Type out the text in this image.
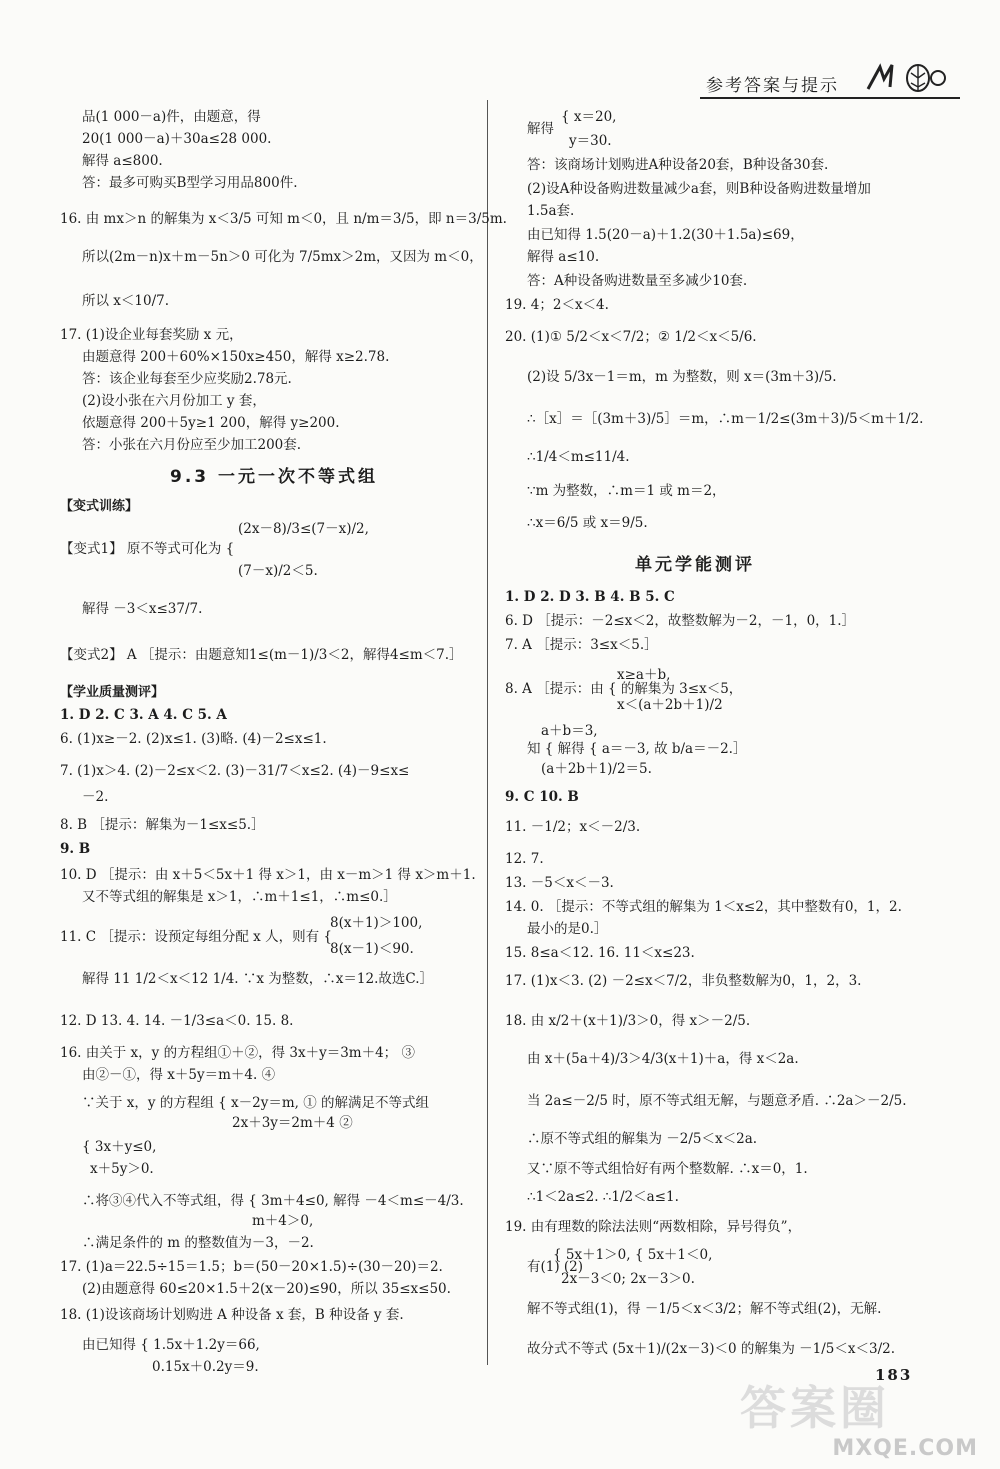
参考答案与提示
品(1 000－a)件，由题意，得
20(1 000－a)＋30a≤28 000.
解得 a≤800.
答：最多可购买B型学习用品800件.
16. 由 mx＞n 的解集为 x＜3/5 可知 m＜0，且 n/m＝3/5，即 n＝3/5m.
所以(2m－n)x＋m－5n＞0 可化为 7/5mx＞2m，又因为 m＜0，
所以 x＜10/7.
17. (1)设企业每套奖励 x 元，
由题意得 200＋60%×150x≥450，解得 x≥2.78.
答：该企业每套至少应奖励2.78元.
(2)设小张在六月份加工 y 套，
依题意得 200＋5y≥1 200，解得 y≥200.
答：小张在六月份应至少加工200套.
9.3 一元一次不等式组
【变式训练】
(2x－8)/3≤(7－x)/2,
【变式1】 原不等式可化为 {
(7－x)/2＜5.
解得 －3＜x≤37/7.
【变式2】 A ［提示：由题意知1≤(m－1)/3＜2，解得4≤m＜7.］
【学业质量测评】
1. D 2. C 3. A 4. C 5. A
6. (1)x≥－2. (2)x≤1. (3)略. (4)－2≤x≤1.
7. (1)x＞4. (2)－2≤x＜2. (3)－31/7＜x≤2. (4)－9≤x≤
－2.
8. B ［提示：解集为－1≤x≤5.］
9. B
10. D ［提示：由 x＋5＜5x＋1 得 x＞1，由 x－m＞1 得 x＞m＋1.
又不等式组的解集是 x＞1，∴m＋1≤1，∴m≤0.］
8(x＋1)＞100,
11. C ［提示：设预定每组分配 x 人，则有 {
8(x－1)＜90.
解得 11 1/2＜x＜12 1/4. ∵x 为整数，∴x＝12.故选C.］
12. D 13. 4. 14. －1/3≤a＜0. 15. 8.
16. 由关于 x，y 的方程组①＋②，得 3x＋y＝3m＋4； ③
由②－①，得 x＋5y＝m＋4. ④
∵关于 x，y 的方程组 { x－2y＝m, ① 的解满足不等式组
2x＋3y＝2m＋4 ②
{ 3x＋y≤0,
x＋5y＞0.
∴将③④代入不等式组，得 { 3m＋4≤0, 解得 －4＜m≤－4/3.
m＋4＞0,
∴满足条件的 m 的整数值为－3，－2.
17. (1)a＝22.5÷15＝1.5；b＝(50－20×1.5)÷(30－20)＝2.
(2)由题意得 60≤20×1.5＋2(x－20)≤90，所以 35≤x≤50.
18. (1)设该商场计划购进 A 种设备 x 套，B 种设备 y 套.
由已知得 { 1.5x＋1.2y＝66,
0.15x＋0.2y＝9.
{ x＝20,
解得
y＝30.
答：该商场计划购进A种设备20套，B种设备30套.
(2)设A种设备购进数量减少a套，则B种设备购进数量增加
1.5a套.
由已知得 1.5(20－a)＋1.2(30＋1.5a)≤69，
解得 a≤10.
答：A种设备购进数量至多减少10套.
19. 4；2＜x＜4.
20. (1)① 5/2＜x＜7/2；② 1/2＜x＜5/6.
(2)设 5/3x－1＝m，m 为整数，则 x＝(3m＋3)/5.
∴［x］＝［(3m＋3)/5］＝m，∴m－1/2≤(3m＋3)/5＜m＋1/2.
∴1/4＜m≤11/4.
∵m 为整数，∴m＝1 或 m＝2，
∴x＝6/5 或 x＝9/5.
单元学能测评
1. D 2. D 3. B 4. B 5. C
6. D ［提示：－2≤x＜2，故整数解为－2，－1，0，1.］
7. A ［提示：3≤x＜5.］
x≥a＋b,
8. A ［提示：由 { 的解集为 3≤x＜5，
x＜(a＋2b＋1)/2
a＋b＝3,
知 { 解得 { a＝－3, 故 b/a＝－2.］
(a＋2b＋1)/2＝5.
9. C 10. B
11. －1/2；x＜－2/3.
12. 7.
13. －5＜x＜－3.
14. 0. ［提示：不等式组的解集为 1＜x≤2，其中整数有0，1，2.
最小的是0.］
15. 8≤a＜12. 16. 11＜x≤23.
17. (1)x＜3. (2) －2≤x＜7/2，非负整数解为0，1，2，3.
18. 由 x/2＋(x＋1)/3＞0，得 x＞－2/5.
由 x＋(5a＋4)/3＞4/3(x＋1)＋a，得 x＜2a.
当 2a≤－2/5 时，原不等式组无解，与题意矛盾. ∴2a＞－2/5.
∴原不等式组的解集为 －2/5＜x＜2a.
又∵原不等式组恰好有两个整数解. ∴x＝0，1.
∴1＜2a≤2. ∴1/2＜a≤1.
19. 由有理数的除法法则“两数相除，异号得负”，
{ 5x＋1＞0, { 5x＋1＜0,
有(1) (2)
2x－3＜0; 2x－3＞0.
解不等式组(1)，得 －1/5＜x＜3/2；解不等式组(2)，无解.
故分式不等式 (5x＋1)/(2x－3)＜0 的解集为 －1/5＜x＜3/2.
183
答案圈
MXQE.COM
